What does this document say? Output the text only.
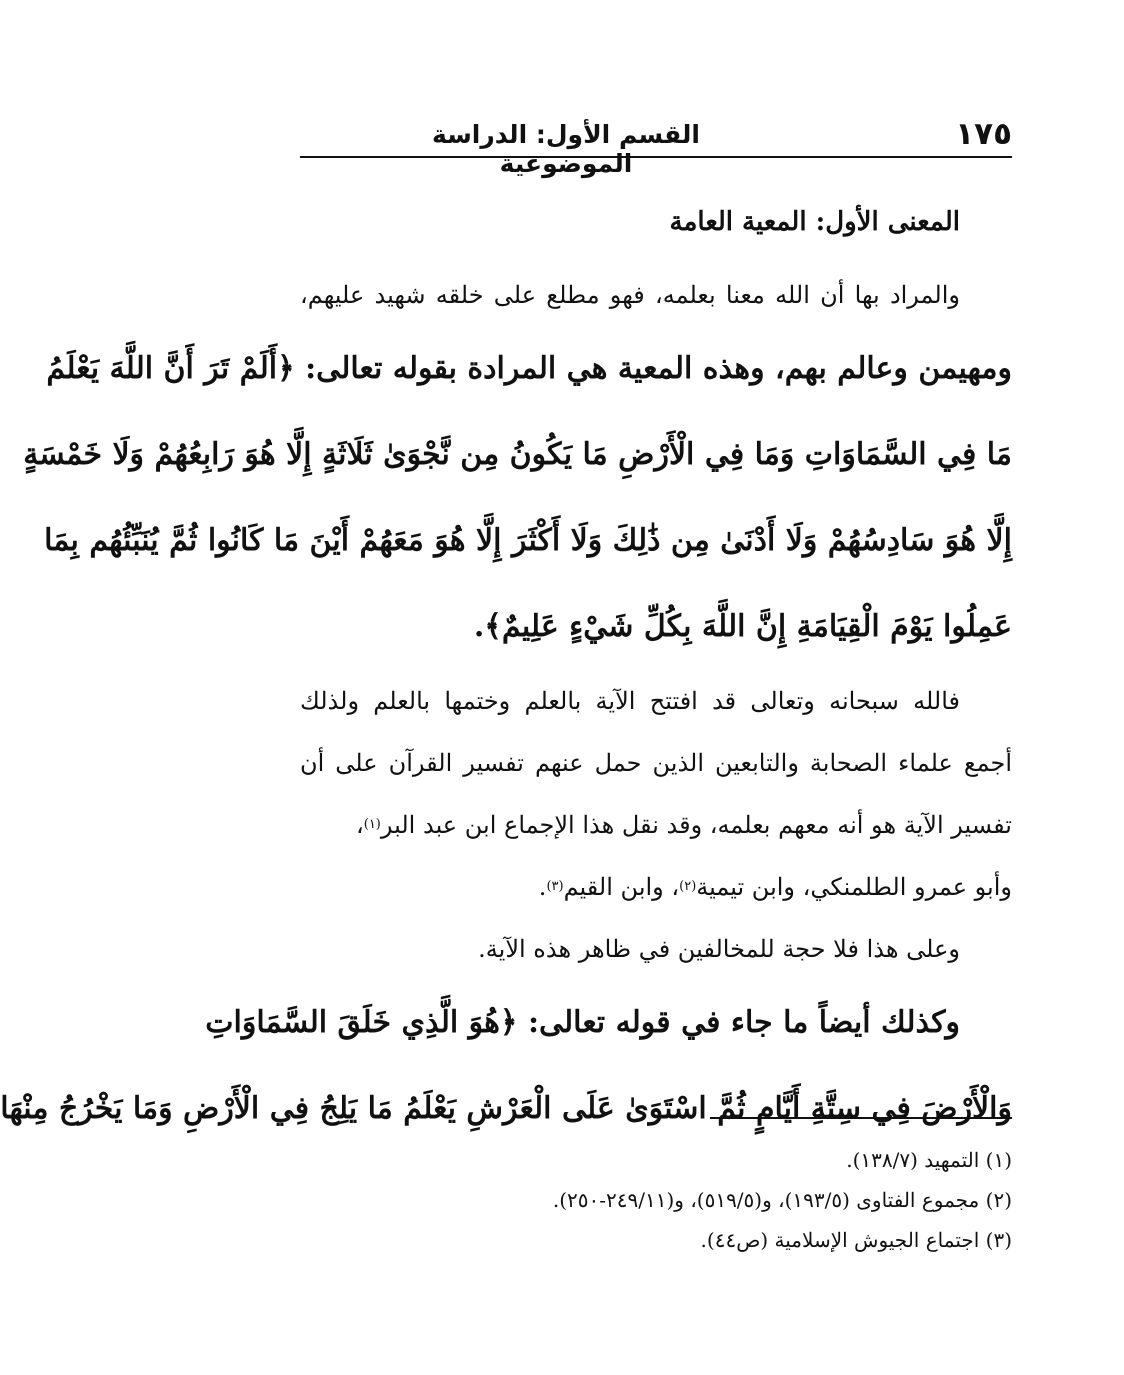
١٧٥
القسم الأول: الدراسة الموضوعية
المعنى الأول: المعية العامة
والمراد بها أن الله معنا بعلمه، فهو مطلع على خلقه شهيد عليهم،
ومهيمن وعالم بهم، وهذه المعية هي المرادة بقوله تعالى: ﴿أَلَمْ تَرَ أَنَّ اللَّهَ يَعْلَمُ
مَا فِي السَّمَاوَاتِ وَمَا فِي الْأَرْضِ مَا يَكُونُ مِن نَّجْوَىٰ ثَلَاثَةٍ إِلَّا هُوَ رَابِعُهُمْ وَلَا خَمْسَةٍ
إِلَّا هُوَ سَادِسُهُمْ وَلَا أَدْنَىٰ مِن ذَٰلِكَ وَلَا أَكْثَرَ إِلَّا هُوَ مَعَهُمْ أَيْنَ مَا كَانُوا ثُمَّ يُنَبِّئُهُم بِمَا
عَمِلُوا يَوْمَ الْقِيَامَةِ إِنَّ اللَّهَ بِكُلِّ شَيْءٍ عَلِيمٌ﴾.
فالله سبحانه وتعالى قد افتتح الآية بالعلم وختمها بالعلم ولذلك
أجمع علماء الصحابة والتابعين الذين حمل عنهم تفسير القرآن على أن
تفسير الآية هو أنه معهم بعلمه، وقد نقل هذا الإجماع ابن عبد البر
(١)
،
وأبو عمرو الطلمنكي، وابن تيمية
(٢)
، وابن القيم
(٣)
.
وعلى هذا فلا حجة للمخالفين في ظاهر هذه الآية.
وكذلك أيضاً ما جاء في قوله تعالى: ﴿هُوَ الَّذِي خَلَقَ السَّمَاوَاتِ
وَالْأَرْضَ فِي سِتَّةِ أَيَّامٍ ثُمَّ اسْتَوَىٰ عَلَى الْعَرْشِ يَعْلَمُ مَا يَلِجُ فِي الْأَرْضِ وَمَا يَخْرُجُ مِنْهَا

(١) التمهيد (١٣٨/٧).

(٢) مجموع الفتاوى (١٩٣/٥)، و(٥١٩/٥)، و(٢٤٩/١١-٢٥٠).

(٣) اجتماع الجيوش الإسلامية (ص٤٤).
